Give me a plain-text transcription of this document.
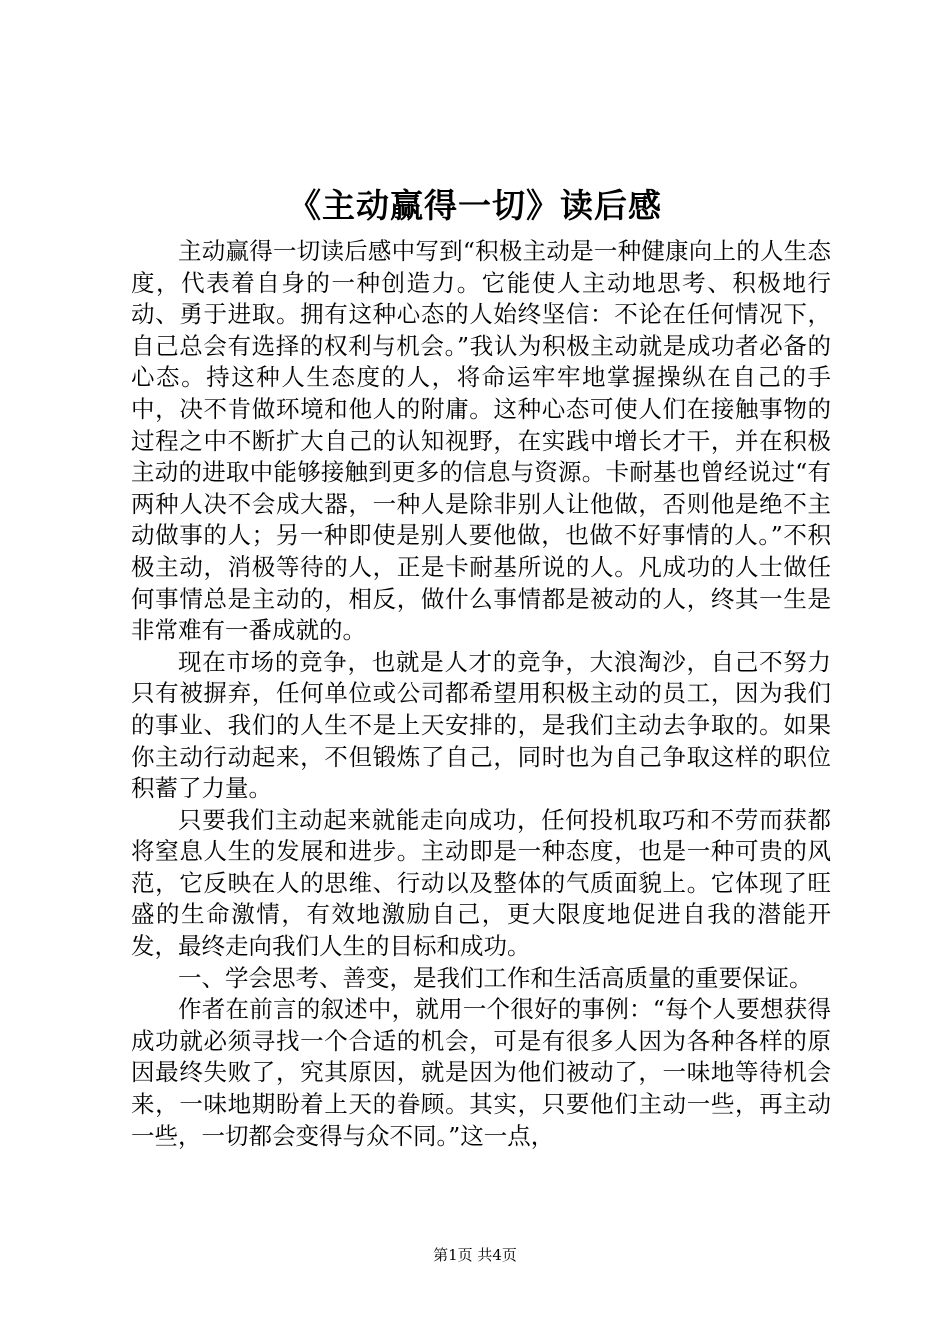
《主动赢得一切》读后感

主动赢得一切读后感中写到“积极主动是一种健康向上的人生态度，代表着自身的一种创造力。它能使人主动地思考、积极地行动、勇于进取。拥有这种心态的人始终坚信：不论在任何情况下，自己总会有选择的权利与机会。”我认为积极主动就是成功者必备的心态。持这种人生态度的人，将命运牢牢地掌握操纵在自己的手中，决不肯做环境和他人的附庸。这种心态可使人们在接触事物的过程之中不断扩大自己的认知视野，在实践中增长才干，并在积极主动的进取中能够接触到更多的信息与资源。卡耐基也曾经说过“有两种人决不会成大器，一种人是除非别人让他做，否则他是绝不主动做事的人；另一种即使是别人要他做，也做不好事情的人。”不积极主动，消极等待的人，正是卡耐基所说的人。凡成功的人士做任何事情总是主动的，相反，做什么事情都是被动的人，终其一生是非常难有一番成就的。

现在市场的竞争，也就是人才的竞争，大浪淘沙，自己不努力只有被摒弃，任何单位或公司都希望用积极主动的员工，因为我们的事业、我们的人生不是上天安排的，是我们主动去争取的。如果你主动行动起来，不但锻炼了自己，同时也为自己争取这样的职位积蓄了力量。

只要我们主动起来就能走向成功，任何投机取巧和不劳而获都将窒息人生的发展和进步。主动即是一种态度，也是一种可贵的风范，它反映在人的思维、行动以及整体的气质面貌上。它体现了旺盛的生命激情，有效地激励自己，更大限度地促进自我的潜能开发，最终走向我们人生的目标和成功。

一、学会思考、善变，是我们工作和生活高质量的重要保证。

作者在前言的叙述中，就用一个很好的事例：“每个人要想获得成功就必须寻找一个合适的机会，可是有很多人因为各种各样的原因最终失败了，究其原因，就是因为他们被动了，一味地等待机会来，一味地期盼着上天的眷顾。其实，只要他们主动一些，再主动一些，一切都会变得与众不同。”这一点，

第1页 共4页
